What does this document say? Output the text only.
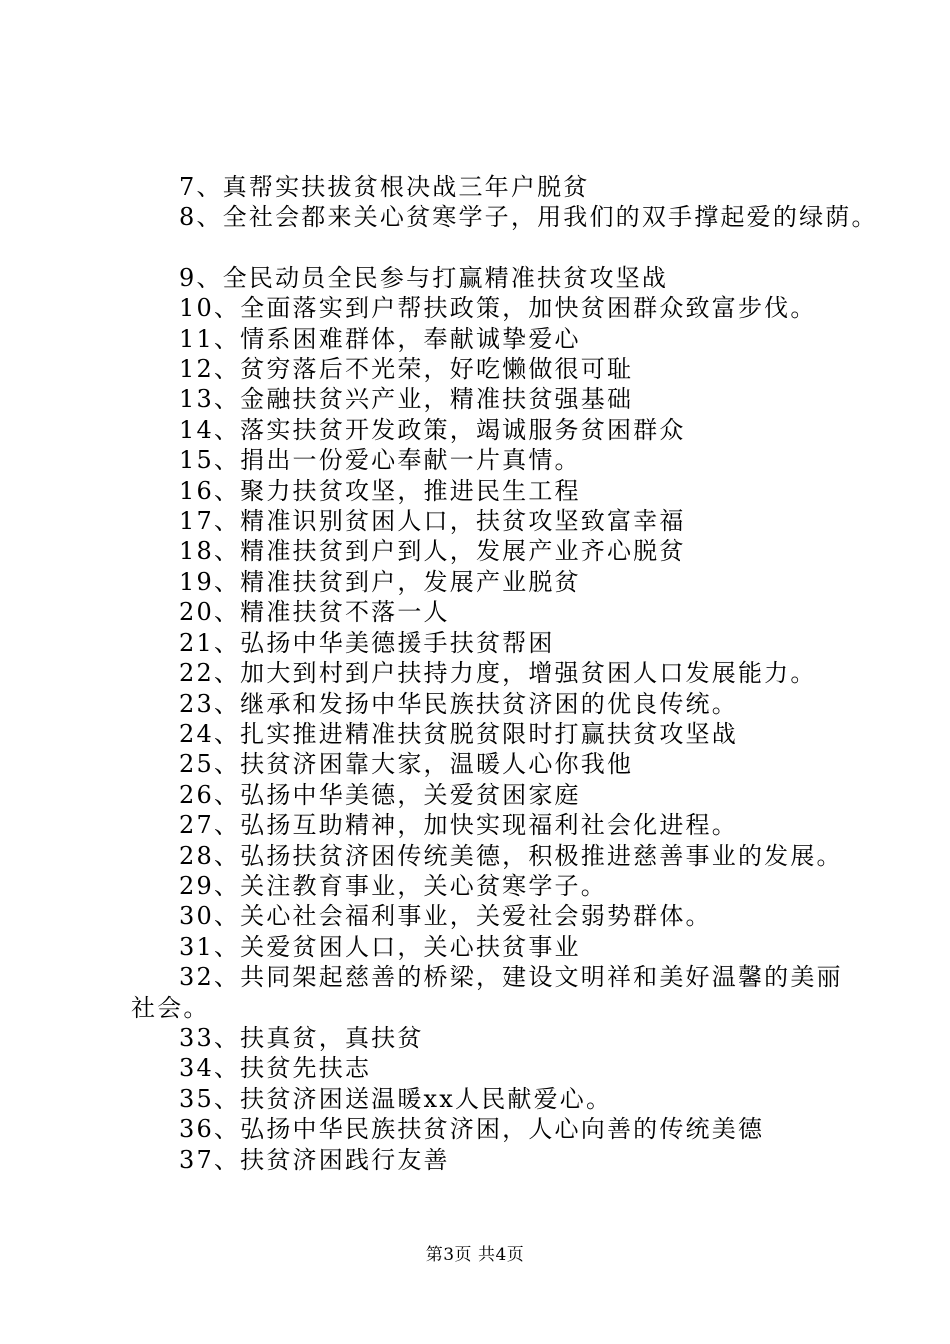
7、真帮实扶拔贫根决战三年户脱贫
8、全社会都来关心贫寒学子，用我们的双手撑起爱的绿荫。
9、全民动员全民参与打赢精准扶贫攻坚战
10、全面落实到户帮扶政策，加快贫困群众致富步伐。
11、情系困难群体，奉献诚挚爱心
12、贫穷落后不光荣，好吃懒做很可耻
13、金融扶贫兴产业，精准扶贫强基础
14、落实扶贫开发政策，竭诚服务贫困群众
15、捐出一份爱心奉献一片真情。
16、聚力扶贫攻坚，推进民生工程
17、精准识别贫困人口，扶贫攻坚致富幸福
18、精准扶贫到户到人，发展产业齐心脱贫
19、精准扶贫到户，发展产业脱贫
20、精准扶贫不落一人
21、弘扬中华美德援手扶贫帮困
22、加大到村到户扶持力度，增强贫困人口发展能力。
23、继承和发扬中华民族扶贫济困的优良传统。
24、扎实推进精准扶贫脱贫限时打赢扶贫攻坚战
25、扶贫济困靠大家，温暖人心你我他
26、弘扬中华美德，关爱贫困家庭
27、弘扬互助精神，加快实现福利社会化进程。
28、弘扬扶贫济困传统美德，积极推进慈善事业的发展。
29、关注教育事业，关心贫寒学子。
30、关心社会福利事业，关爱社会弱势群体。
31、关爱贫困人口，关心扶贫事业
32、共同架起慈善的桥梁，建设文明祥和美好温馨的美丽
社会。
33、扶真贫，真扶贫
34、扶贫先扶志
35、扶贫济困送温暖xx人民献爱心。
36、弘扬中华民族扶贫济困，人心向善的传统美德
37、扶贫济困践行友善
第3页 共4页
